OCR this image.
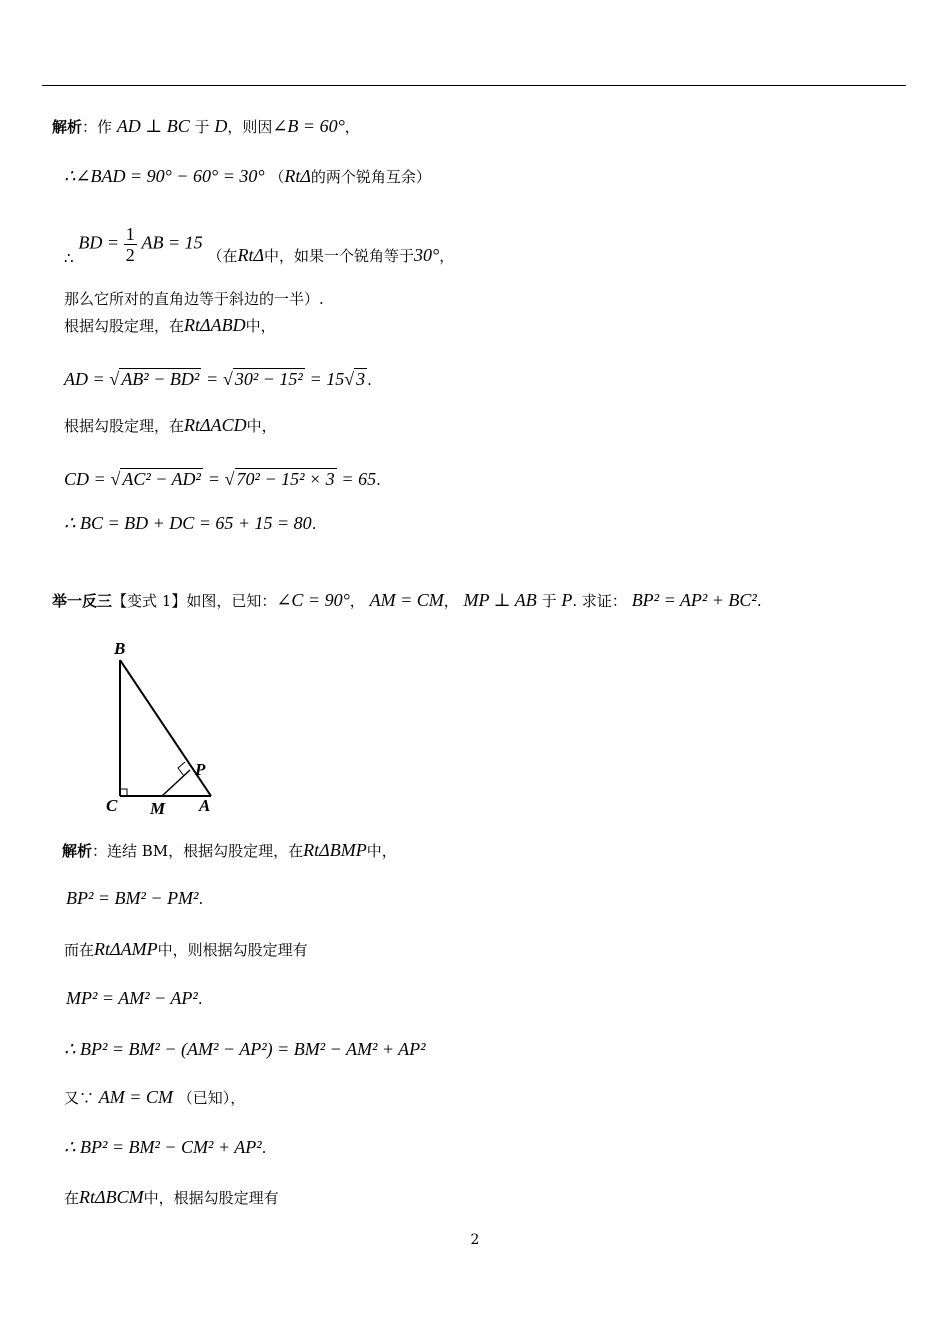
解析：作 AD ⊥ BC 于 D，则因∠B = 60°，
∴∠BAD = 90° − 60° = 30° （RtΔ的两个锐角互余）
∴ BD = $\frac{1}{2}$ AB = 15 （在RtΔ中，如果一个锐角等于30°，
那么它所对的直角边等于斜边的一半）.
根据勾股定理，在RtΔABD中，
AD = √ AB² − BD² = √ 30² − 15² = 15√ 3 .
根据勾股定理，在RtΔACD中，
CD = √ AC² − AD² = √ 70² − 15² × 3 = 65.
∴ BC = BD + DC = 65 + 15 = 80.
举一反三【变式 1】如图，已知：∠C = 90°， AM = CM， MP ⊥ AB 于 P. 求证： BP² = AP² + BC².
B
C M A
P
解析：连结 BM，根据勾股定理，在RtΔBMP中，
BP² = BM² − PM².
而在RtΔAMP中，则根据勾股定理有
MP² = AM² − AP².
∴ BP² = BM² − (AM² − AP²) = BM² − AM² + AP²
又∵ AM = CM （已知），
∴ BP² = BM² − CM² + AP².
在RtΔBCM中，根据勾股定理有
2
